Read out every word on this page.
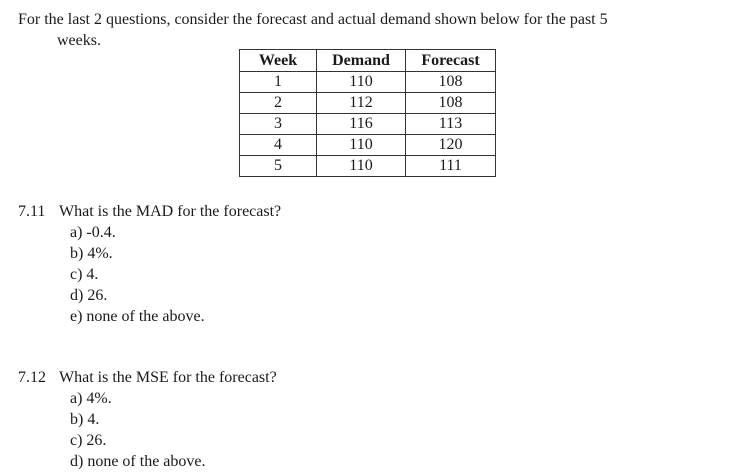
For the last 2 questions, consider the forecast and actual demand shown below for the past 5
weeks.

Week	Demand	Forecast
1	110	108
2	112	108
3	116	113
4	110	120
5	110	111
7.11 What is the MAD for the forecast?
a) -0.4.
b) 4%.
c) 4.
d) 26.
e) none of the above.
7.12 What is the MSE for the forecast?
a) 4%.
b) 4.
c) 26.
d) none of the above.
